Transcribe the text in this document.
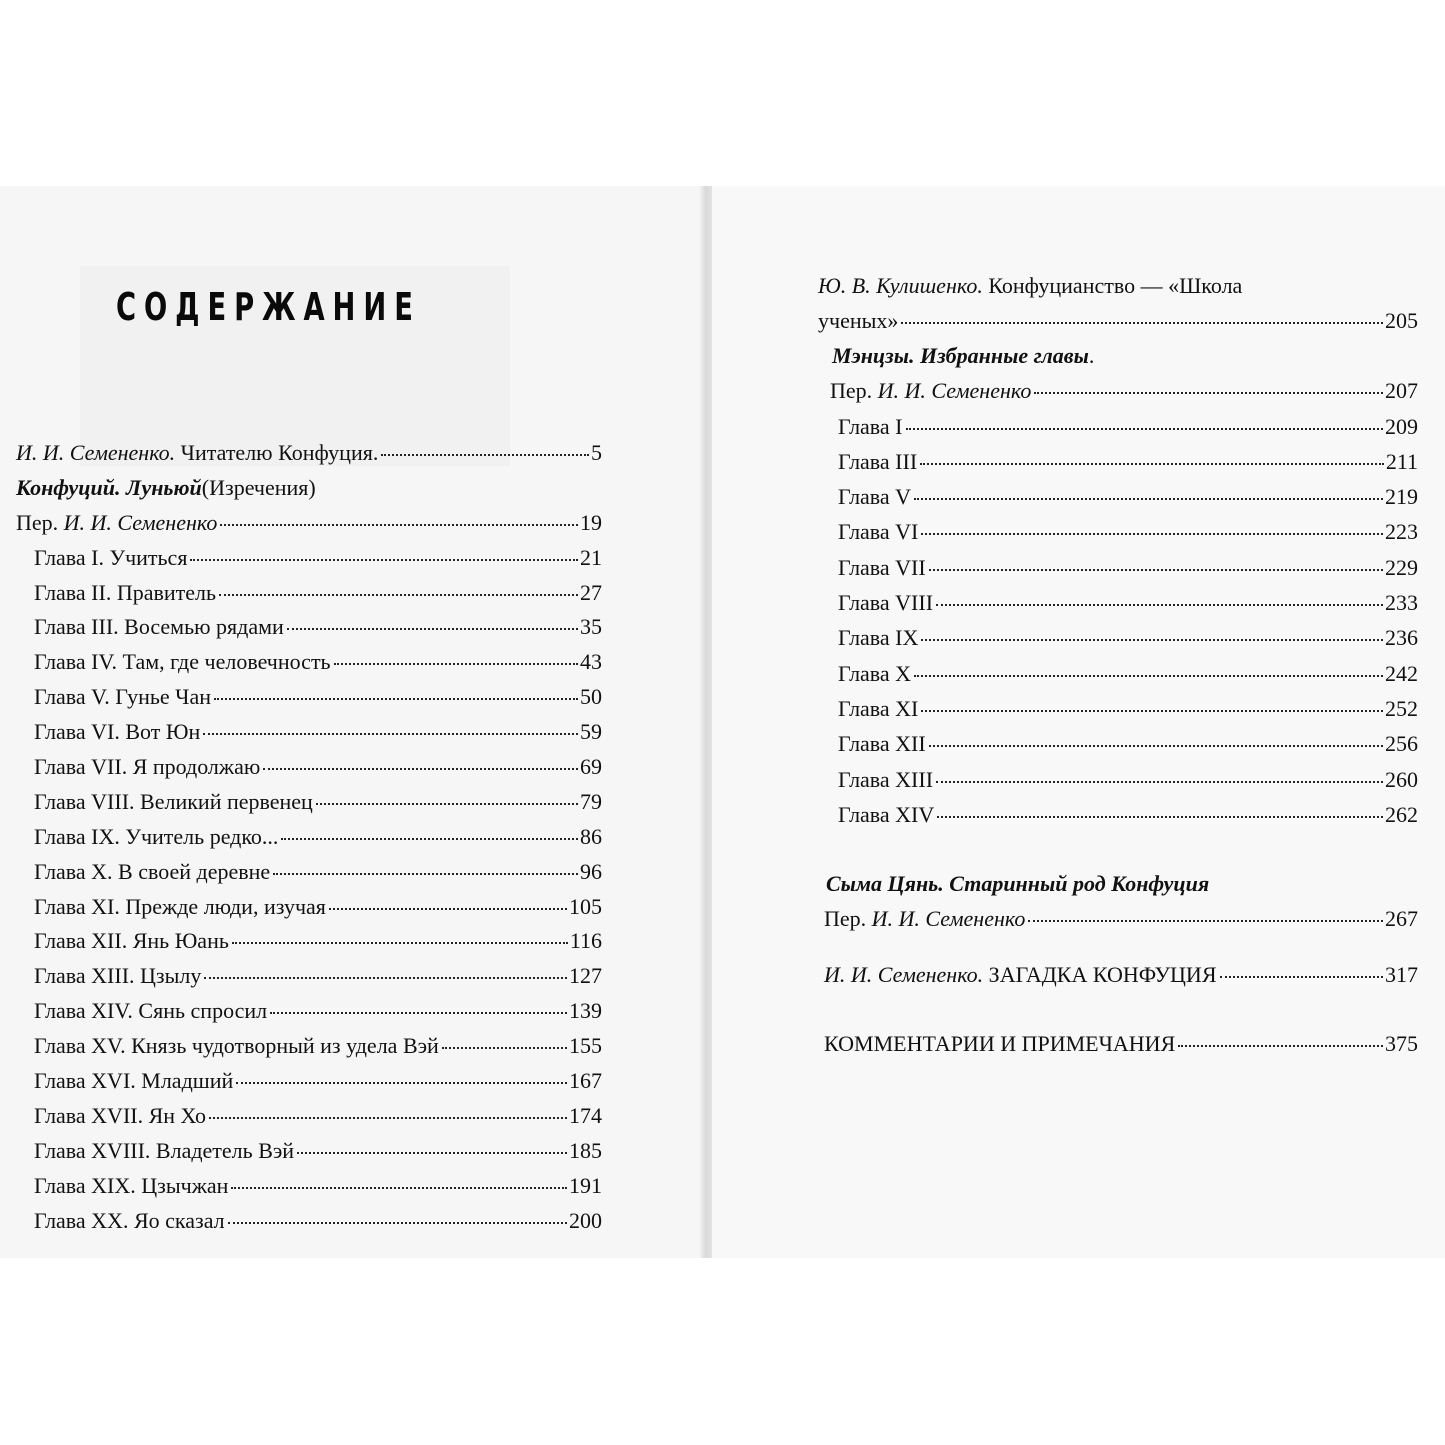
СОДЕРЖАНИЕ
И. И. Семененко. Читателю Конфуция.	5
Конфуций. Луньюй (Изречения)
Пер. И. И. Семененко	19
Глава I. Учиться	21
Глава II. Правитель	27
Глава III. Восемью рядами	35
Глава IV. Там, где человечность	43
Глава V. Гунье Чан	50
Глава VI. Вот Юн	59
Глава VII. Я продолжаю	69
Глава VIII. Великий первенец	79
Глава IX. Учитель редко...	86
Глава X. В своей деревне	96
Глава XI. Прежде люди, изучая	105
Глава XII. Янь Юань	116
Глава XIII. Цзылу	127
Глава XIV. Сянь спросил	139
Глава XV. Князь чудотворный из удела Вэй	155
Глава XVI. Младший	167
Глава XVII. Ян Хо	174
Глава XVIII. Владетель Вэй	185
Глава XIX. Цзычжан	191
Глава XX. Яо сказал	200
Ю. В. Кулишенко. Конфуцианство — «Школа
ученых»	205
Мэнцзы. Избранные главы .
Пер. И. И. Семененко	207
Глава I	209
Глава III	211
Глава V	219
Глава VI	223
Глава VII	229
Глава VIII	233
Глава IX	236
Глава X	242
Глава XI	252
Глава XII	256
Глава XIII	260
Глава XIV	262
Сыма Цянь. Старинный род Конфуция
Пер. И. И. Семененко	267
И. И. Семененко. ЗАГАДКА КОНФУЦИЯ	317
КОММЕНТАРИИ И ПРИМЕЧАНИЯ	375
